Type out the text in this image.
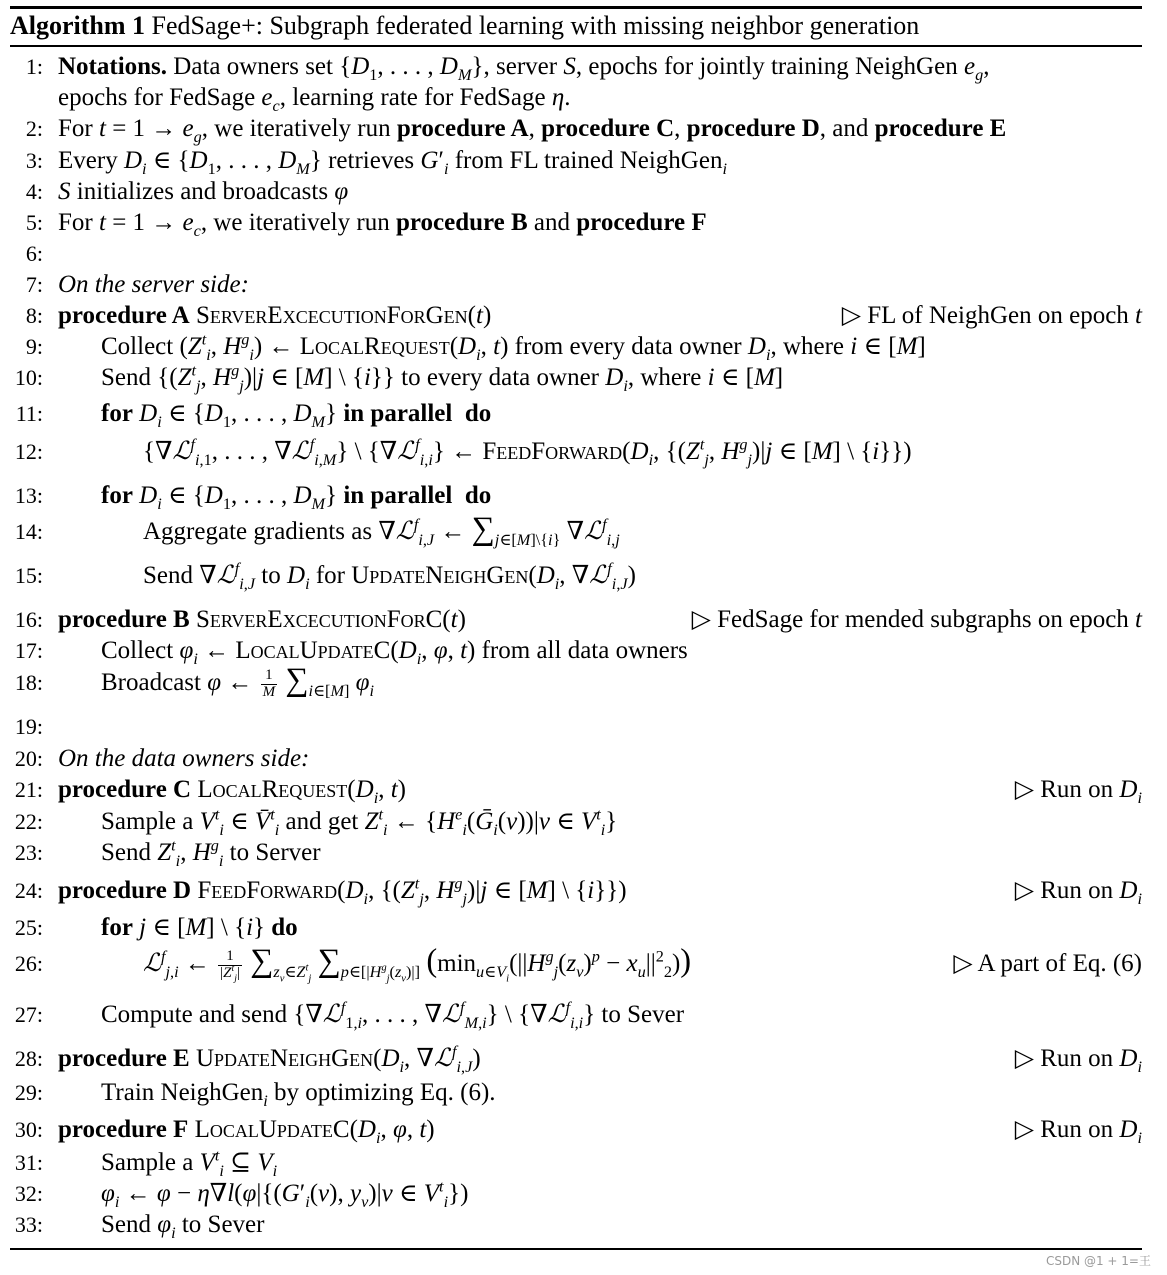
Algorithm 1 FedSage+: Subgraph federated learning with missing neighbor generation
1: Notations. Data owners set {$D_1$, . . . , $D_M$}, server S, epochs for jointly training NeighGen $e_g$,
epochs for FedSage $e_c$, learning rate for FedSage η.
2: For $t = 1 \to e_g$, we iteratively run procedure A, procedure C, procedure D, and procedure E
3: Every $D_i$ ∈ {$D_1$, . . . , $D_M$} retrieves $G'_i$ from FL trained NeighGen$_i$
4: S initializes and broadcasts φ
5: For $t = 1 \to e_c$, we iteratively run procedure B and procedure F
6:
7: On the server side:
8: procedure A ServerExcecutionForGen(t)	▷ FL of NeighGen on epoch t
9: Collect ($Z^t_i$, $H^g_i$) ← $LocalRequest(D_i$, t) from every data owner $D_i$, where i ∈ [M]
10: Send {($Z^t_j$, $H^g_j)|j$ ∈ [M] \ {i}} to every data owner $D_i$, where i ∈ [M]
11: for $D_i$ ∈ {$D_1$, . . . , $D_M$} in parallel do
12:	{∇ℒ$^f_{i,1}$, . . . , ∇ℒ$^f_{i,M}$} \ {∇ℒ$^f_{i,i}$} ← $FeedForward(D_i$, {($Z^t_j$, $H^g_j)|j$ ∈ [M] \ {i}})
13: for $D_i$ ∈ {$D_1$, . . . , $D_M$} in parallel do
14:	Aggregate gradients as ∇ℒ$^f_{i,J}$ ← $\sum_{j\in[M]\backslash\{i\}}$ ∇ℒ$^f_{i,j}$
15:	Send ∇ℒ$^f_{i,J}$ to $D_i$ for $UpdateNeighGen(D_i$, ∇ℒ$^f_{i,J}$)
16: procedure B ServerExcecutionForC(t)	▷ FedSage for mended subgraphs on epoch t
17: Collect $\varphi_i$ ← $LocalUpdateC(D_i$, φ, t) from all data owners
18: Broadcast φ ← $\frac{1}{M} \sum_{i\in[M]}$ $\varphi_i$
19:
20: On the data owners side:
21: procedure C $LocalRequest(D_i$, t)	▷ Run on $D_i$
22: Sample a $V^t_i$ ∈ V̄$^t_i$ and get $Z^t_i$ ← {$H^e_i(Ḡ_i(v))|v$ ∈ $V^t_i$}
23: Send $Z^t_i$, $H^g_i$ to Server
24: procedure D $FeedForward(D_i$, {($Z^t_j$, $H^g_j)|j$ ∈ [M] \ {i}})	▷ Run on $D_i$
25: for j ∈ [M] \ {i} do
26:	ℒ$^f_{j,i}$ ← $\frac{1}{|Z^t_j|} \sum_{z_v\in Z^t_j}$ $\sum_{p\in[|H^g_j(z_v)|]}$ $(\min_{u\in V_i}(||H^g_j(z_v)^p - x_u||^2_2))$	▷ A part of Eq. (6)
27: Compute and send {∇ℒ$^f_{1,i}$, . . . , ∇ℒ$^f_{M,i}$} \ {∇ℒ$^f_{i,i}$} to Sever
28: procedure E $UpdateNeighGen(D_i$, ∇ℒ$^f_{i,J}$)	▷ Run on $D_i$
29: Train NeighGen$_i$ by optimizing Eq. (6).
30: procedure F $LocalUpdateC(D_i$, φ, t)	▷ Run on $D_i$
31: Sample a $V^t_i$ ⊆ $V_i$
32: $\varphi_i$ ← $\varphi - \eta\nabla l(\varphi|\{(G'_i(v)$, $y_v)|v$ ∈ $V^t_i$})
33: Send $\varphi_i$ to Sever
CSDN @1 + 1=王
